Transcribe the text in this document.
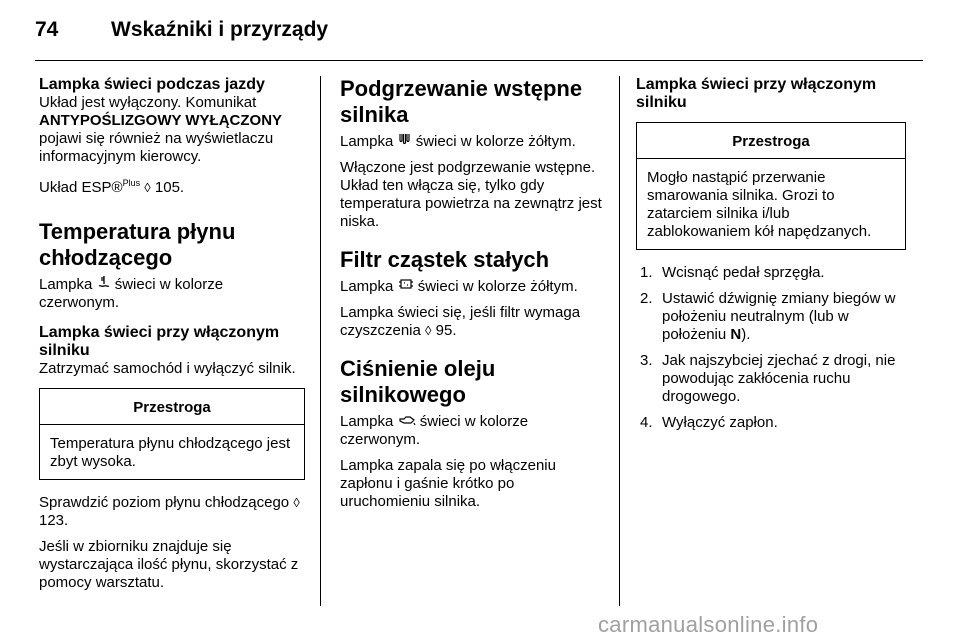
74	Wskaźniki i przyrządy
Lampka świeci podczas jazdy

Układ jest wyłączony. Komunikat
ANTYPOŚLIZGOWY WYŁĄCZONY
pojawi się również na wyświetlaczu informacyjnym kierowcy.

Układ ESP®$^{Plus}$ ◊ 105.

Temperatura płynu chłodzącego

Lampka świeci w kolorze czerwonym.

Lampka świeci przy włączonym silniku

Zatrzymać samochód i wyłączyć silnik.

Przestroga
Temperatura płynu chłodzącego jest zbyt wysoka.

Sprawdzić poziom płynu chłodzącego ◊ 123.

Jeśli w zbiorniku znajduje się wystarczająca ilość płynu, skorzystać z pomocy warsztatu.

Podgrzewanie wstępne silnika

Lampka świeci w kolorze żółtym.

Włączone jest podgrzewanie wstępne. Układ ten włącza się, tylko gdy temperatura powietrza na zewnątrz jest niska.

Filtr cząstek stałych

Lampka świeci w kolorze żółtym.

Lampka świeci się, jeśli filtr wymaga czyszczenia ◊ 95.

Ciśnienie oleju silnikowego

Lampka świeci w kolorze czerwonym.

Lampka zapala się po włączeniu zapłonu i gaśnie krótko po uruchomieniu silnika.

Lampka świeci przy włączonym silniku
Przestroga
Mogło nastąpić przerwanie smarowania silnika. Grozi to zatarciem silnika i/lub zablokowaniem kół napędzanych.
1. Wcisnąć pedał sprzęgła.
2. Ustawić dźwignię zmiany biegów w położeniu neutralnym (lub w położeniu N).
3. Jak najszybciej zjechać z drogi, nie powodując zakłócenia ruchu drogowego.
4. Wyłączyć zapłon.
carmanualsonline.info
